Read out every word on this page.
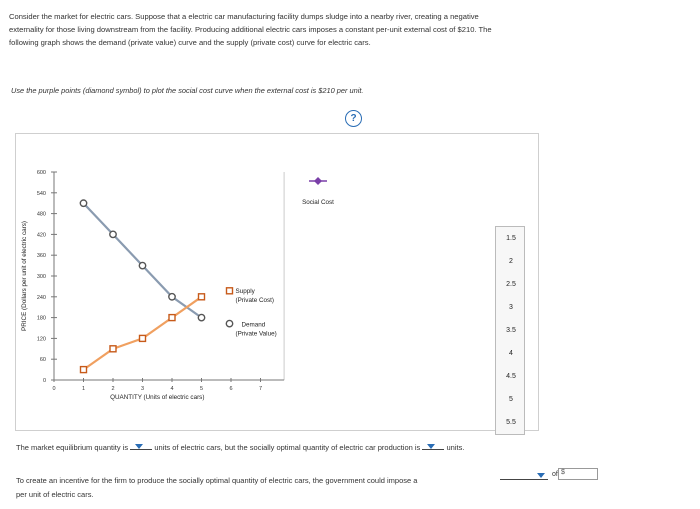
Consider the market for electric cars. Suppose that a electric car manufacturing facility dumps sludge into a nearby river, creating a negative

externality for those living downstream from the facility. Producing additional electric cars imposes a constant per-unit external cost of $210. The

following graph shows the demand (private value) curve and the supply (private cost) curve for electric cars.

Use the purple points (diamond symbol) to plot the social cost curve when the external cost is $210 per unit.
?
0
60
120
180
240
300
360
420
480
540
600
0	1	2	3	4	5	6	7
QUANTITY (Units of electric cars)
PRICE (Dollars per unit of electric cars)	Supply
(Private Cost)
Demand
(Private Value)
Social Cost
1.5
2
2.5
3
3.5
4
4.5
5
5.5
The market equilibrium quantity is	units of electric cars, but the socially optimal quantity of electric car production is	units.
To create an incentive for the firm to produce the socially optimal quantity of electric cars, the government could impose a
per unit of electric cars.
of $
